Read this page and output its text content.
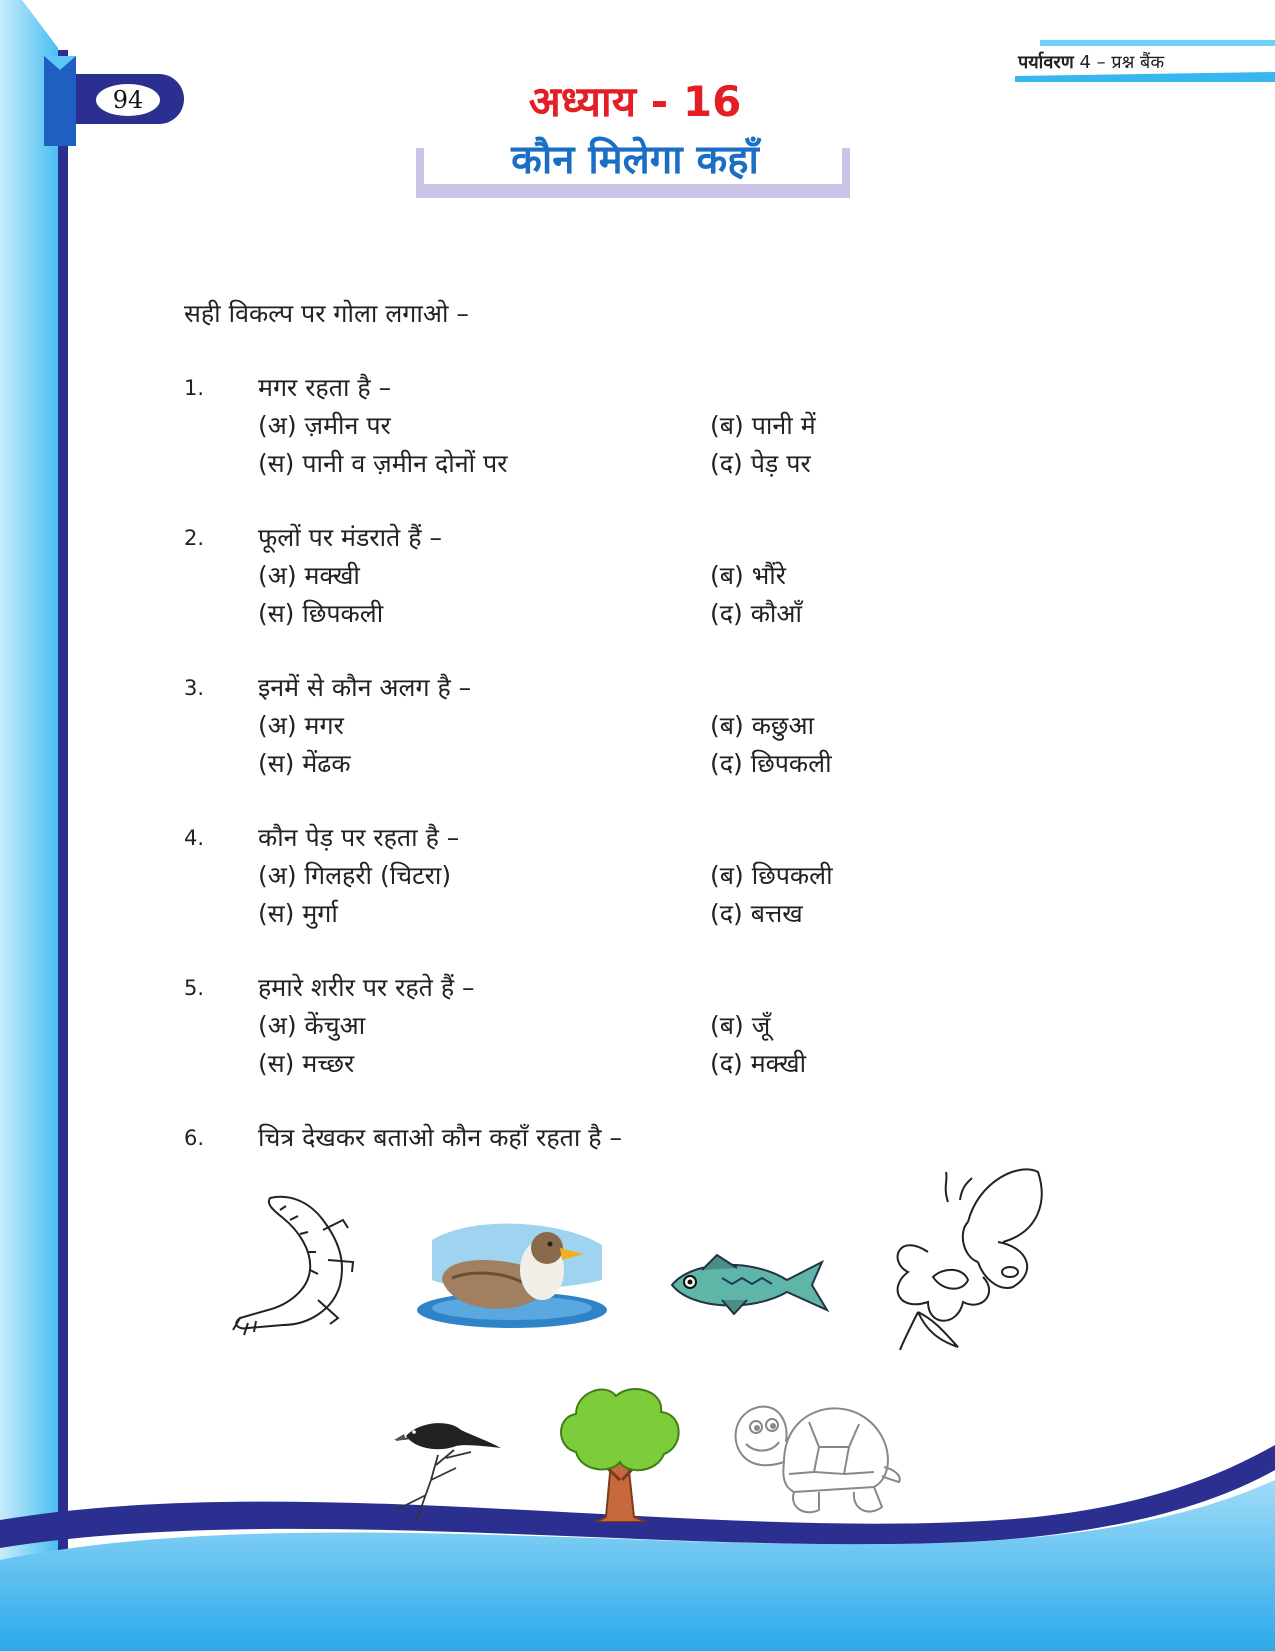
94
पर्यावरण 4 – प्रश्न बैंक
अध्याय - 16
कौन मिलेगा कहाँ
सही विकल्प पर गोला लगाओ –
1.	मगर रहता है –
(अ) ज़मीन पर	(ब) पानी में
(स) पानी व ज़मीन दोनों पर	(द) पेड़ पर
2.	फूलों पर मंडराते हैं –
(अ) मक्खी	(ब) भौंरे
(स) छिपकली	(द) कौआँ
3.	इनमें से कौन अलग है –
(अ) मगर	(ब) कछुआ
(स) मेंढक	(द) छिपकली
4.	कौन पेड़ पर रहता है –
(अ) गिलहरी (चिटरा)	(ब) छिपकली
(स) मुर्गा	(द) बत्तख
5.	हमारे शरीर पर रहते हैं –
(अ) केंचुआ	(ब) जूँ
(स) मच्छर	(द) मक्खी
6.	चित्र देखकर बताओ कौन कहाँ रहता है –
